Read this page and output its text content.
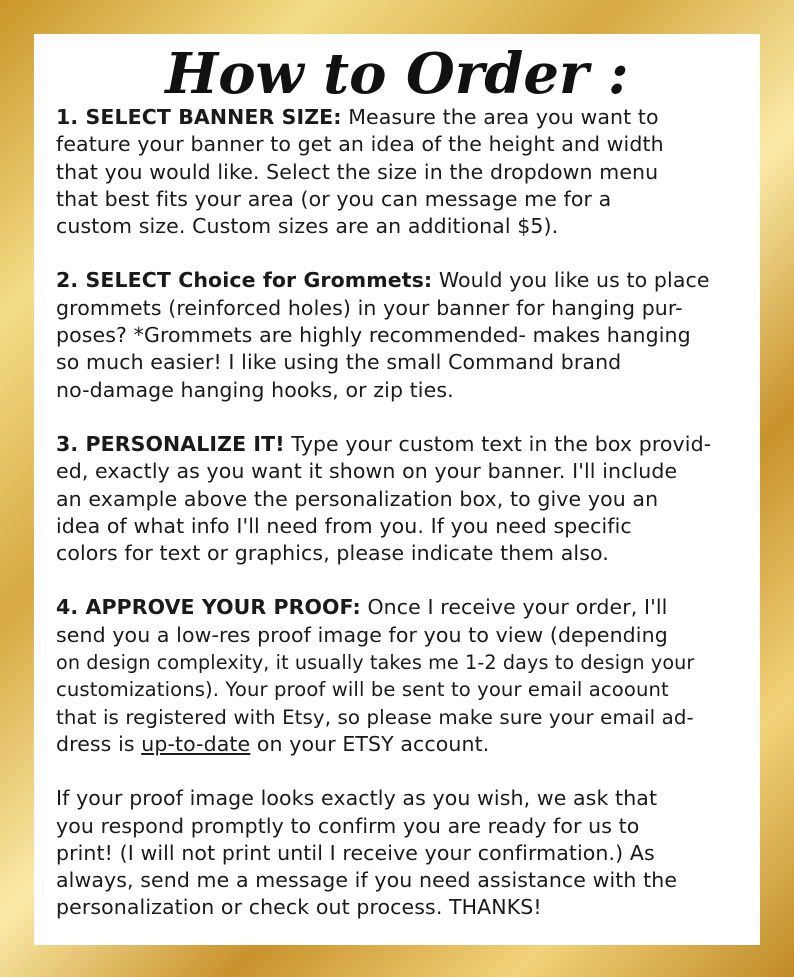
How to Order :
1. SELECT BANNER SIZE: Measure the area you want to
feature your banner to get an idea of the height and width
that you would like. Select the size in the dropdown menu
that best fits your area (or you can message me for a
custom size. Custom sizes are an additional $5).
2. SELECT Choice for Grommets: Would you like us to place
grommets (reinforced holes) in your banner for hanging pur-
poses? *Grommets are highly recommended- makes hanging
so much easier! I like using the small Command brand
no-damage hanging hooks, or zip ties.
3. PERSONALIZE IT! Type your custom text in the box provid-
ed, exactly as you want it shown on your banner. I'll include
an example above the personalization box, to give you an
idea of what info I'll need from you. If you need specific
colors for text or graphics, please indicate them also.
4. APPROVE YOUR PROOF: Once I receive your order, I'll
send you a low-res proof image for you to view (depending
on design complexity, it usually takes me 1-2 days to design your
customizations). Your proof will be sent to your email acoount
that is registered with Etsy, so please make sure your email ad-
dress is up-to-date on your ETSY account.
If your proof image looks exactly as you wish, we ask that
you respond promptly to confirm you are ready for us to
print! (I will not print until I receive your confirmation.) As
always, send me a message if you need assistance with the
personalization or check out process. THANKS!
